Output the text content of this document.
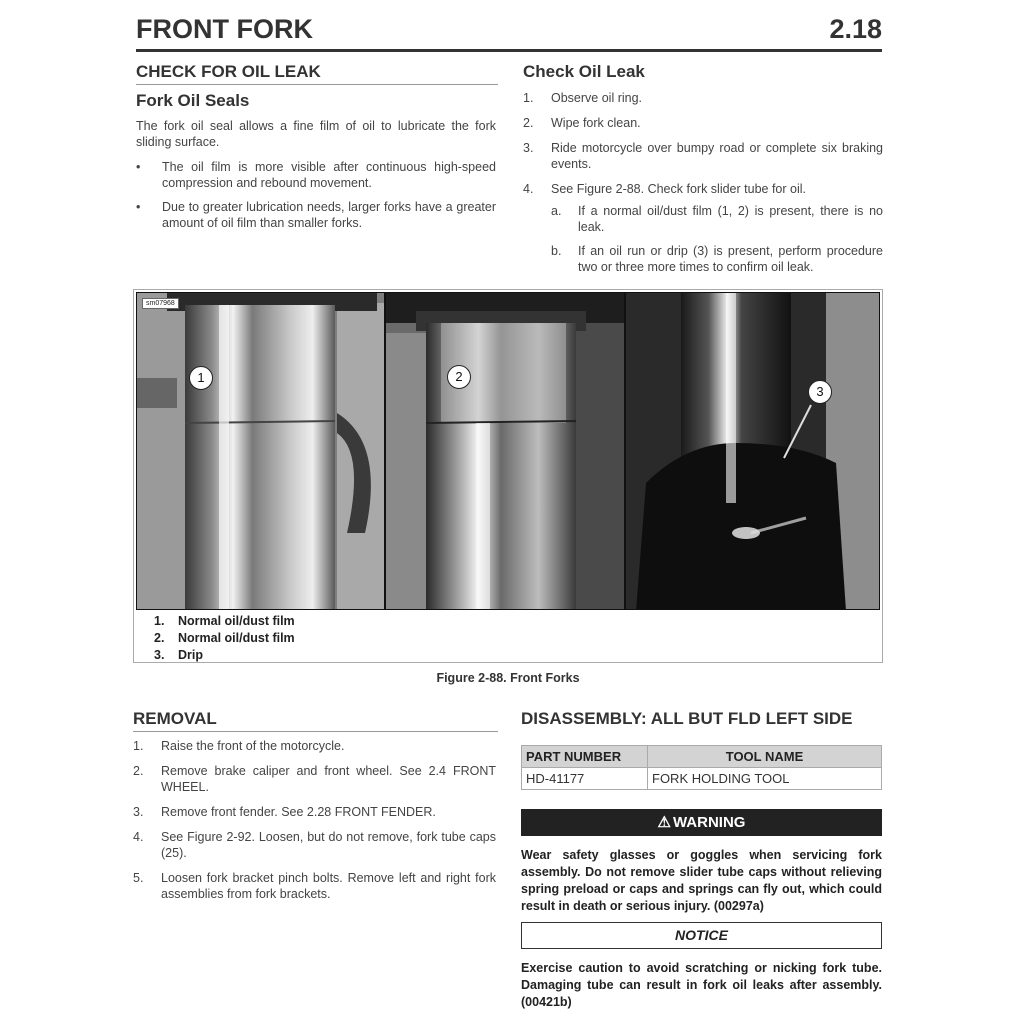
FRONT FORK	2.18
CHECK FOR OIL LEAK
Fork Oil Seals
The fork oil seal allows a fine film of oil to lubricate the fork sliding surface.
• The oil film is more visible after continuous high-speed compression and rebound movement.
• Due to greater lubrication needs, larger forks have a greater amount of oil film than smaller forks.
Check Oil Leak
1. Observe oil ring.
2. Wipe fork clean.
3. Ride motorcycle over bumpy road or complete six braking events.
4. See Figure 2-88. Check fork slider tube for oil.
a. If a normal oil/dust film (1, 2) is present, there is no leak.
b. If an oil run or drip (3) is present, perform procedure two or three more times to confirm oil leak.
sm07968
1	2
3
1. Normal oil/dust film
2. Normal oil/dust film
3. Drip
Figure 2-88. Front Forks
REMOVAL
1. Raise the front of the motorcycle.
2. Remove brake caliper and front wheel. See 2.4 FRONT WHEEL.
3. Remove front fender. See 2.28 FRONT FENDER.
4. See Figure 2-92. Loosen, but do not remove, fork tube caps (25).
5. Loosen fork bracket pinch bolts. Remove left and right fork assemblies from fork brackets.
DISASSEMBLY: ALL BUT FLD LEFT SIDE
PART NUMBER	TOOL NAME
HD-41177	FORK HOLDING TOOL
⚠ WARNING
Wear safety glasses or goggles when servicing fork assembly. Do not remove slider tube caps without relieving spring preload or caps and springs can fly out, which could result in death or serious injury. (00297a)
NOTICE
Exercise caution to avoid scratching or nicking fork tube. Damaging tube can result in fork oil leaks after assembly. (00421b)
